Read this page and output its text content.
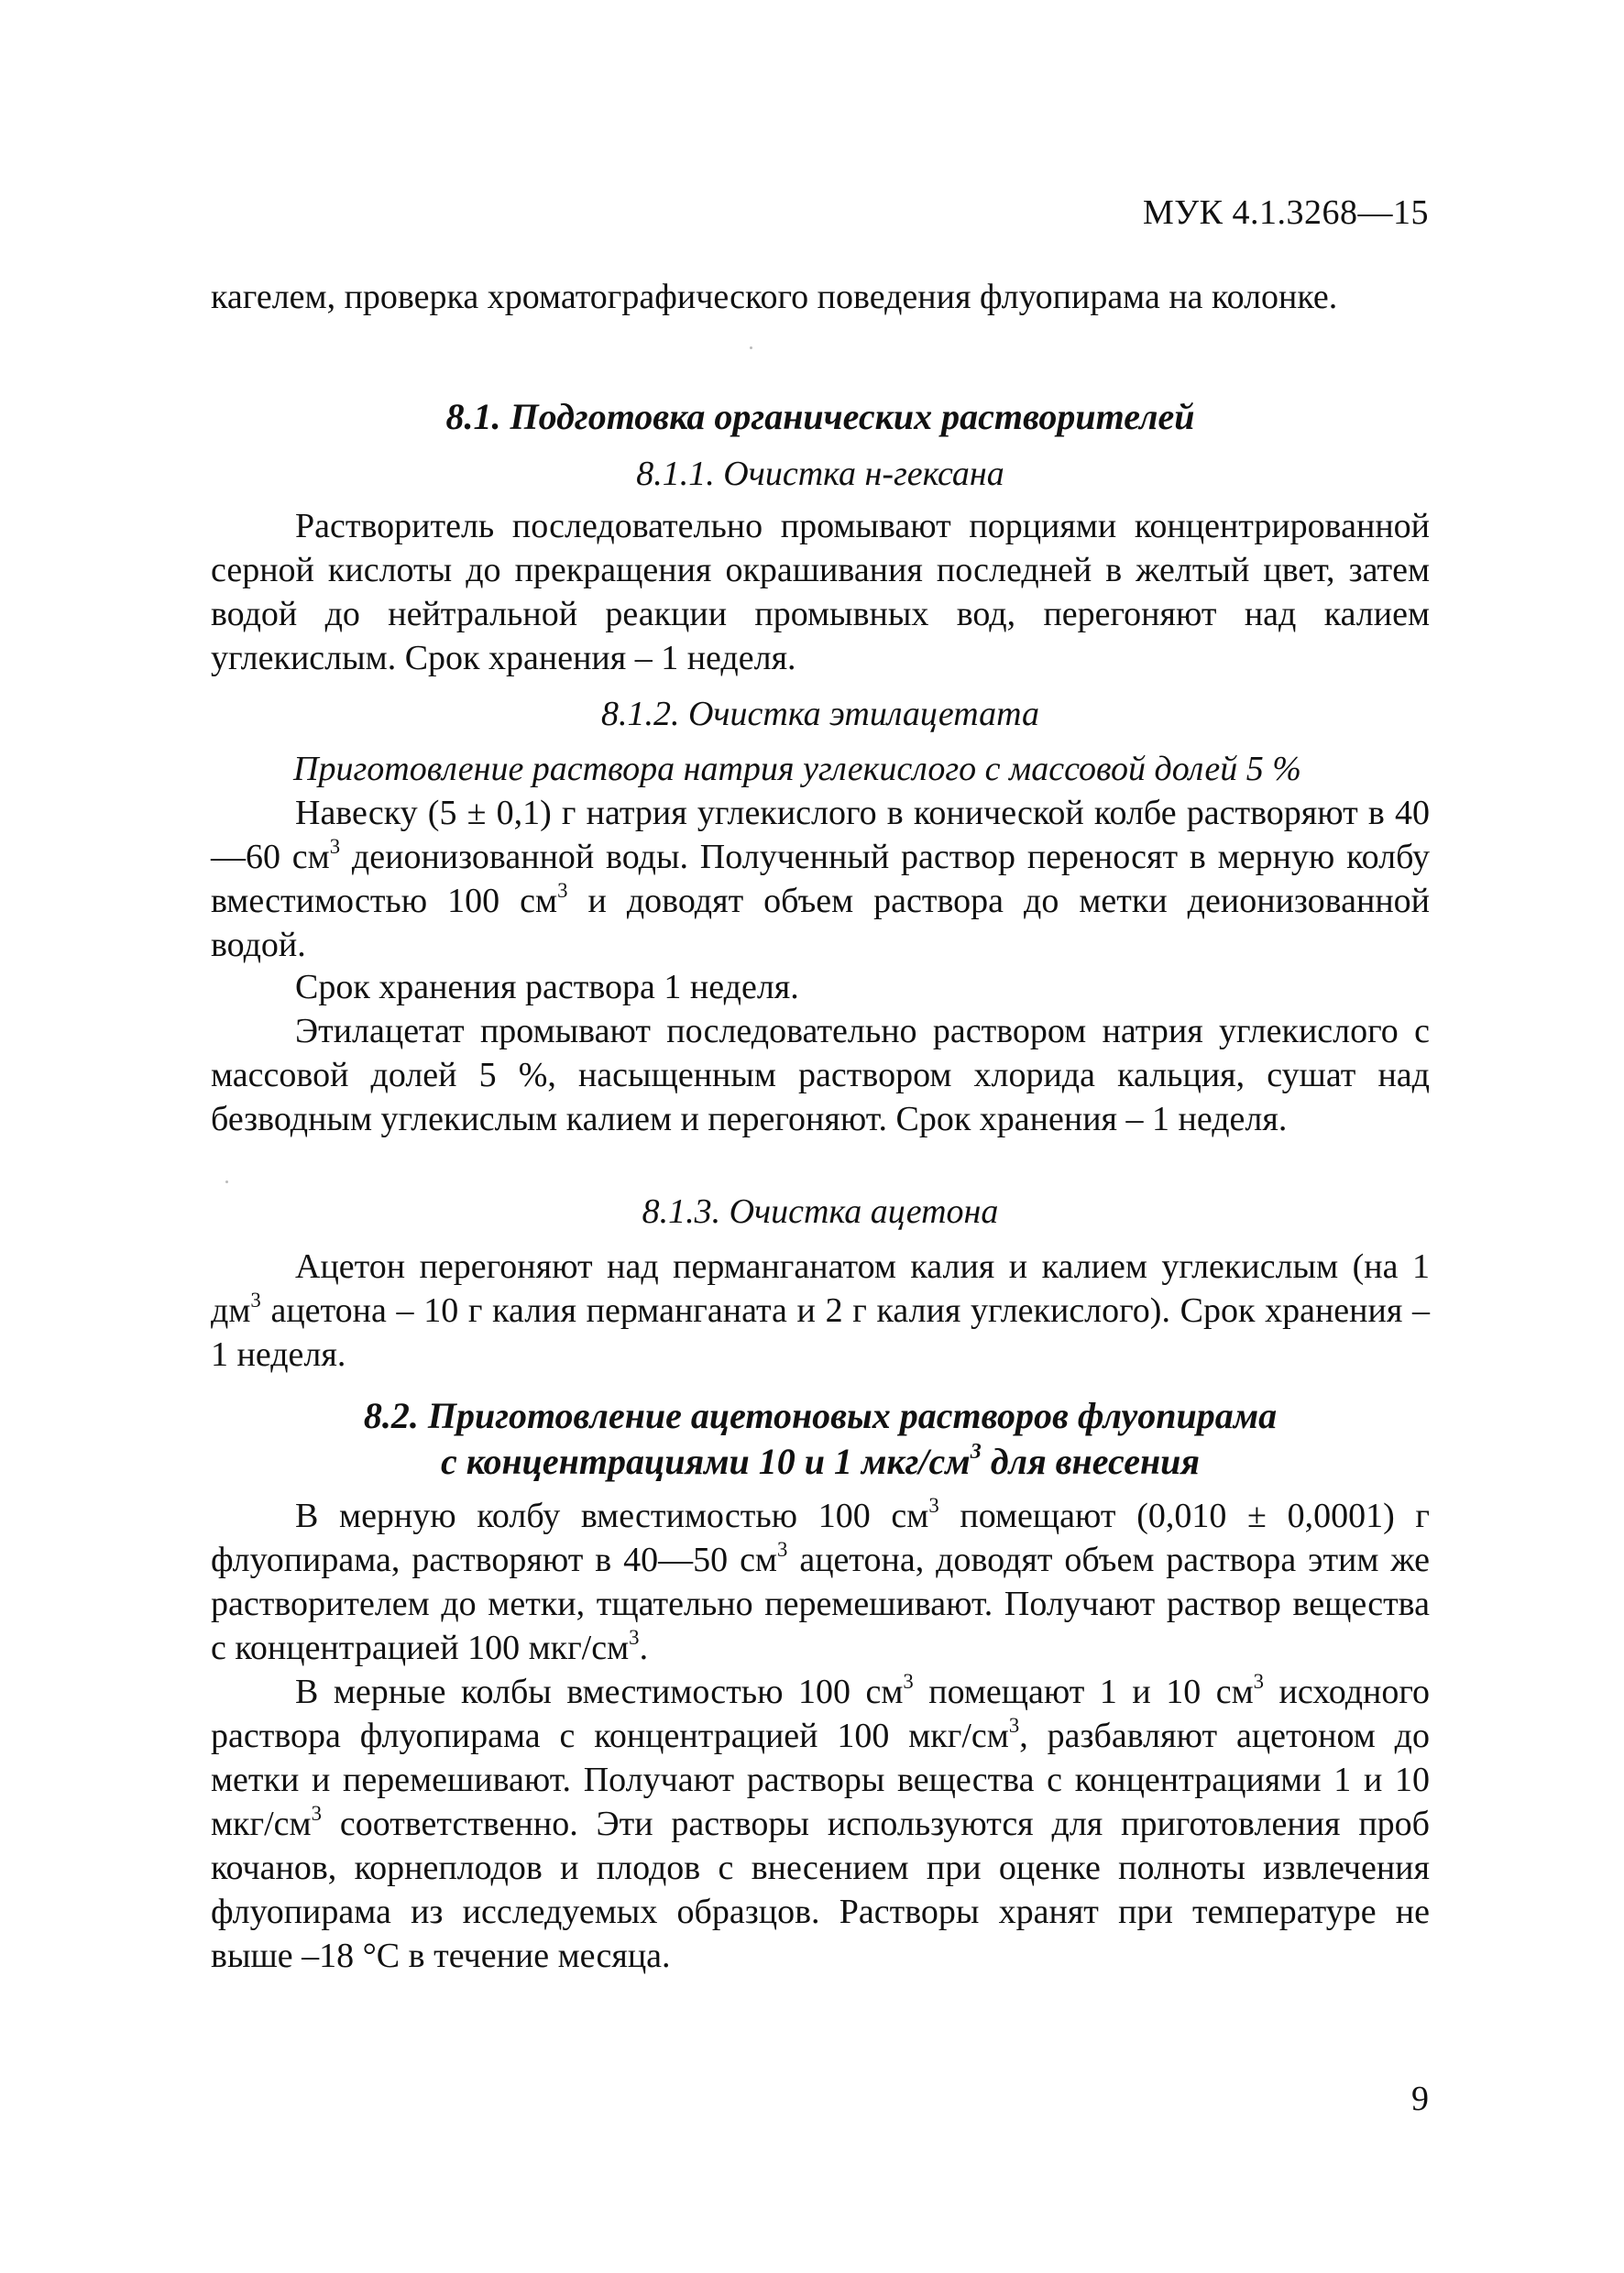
МУК 4.1.3268—15

кагелем, проверка хроматографического поведения флуопирама на колонке.

8.1. Подготовка органических растворителей

8.1.1. Очистка н-гексана

Растворитель последовательно промывают порциями концентрированной серной кислоты до прекращения окрашивания последней в желтый цвет, затем водой до нейтральной реакции промывных вод, перегоняют над калием углекислым. Срок хранения – 1 неделя.

8.1.2. Очистка этилацетата

Приготовление раствора натрия углекислого с массовой долей 5 %

Навеску (5 ± 0,1) г натрия углекислого в конической колбе растворяют в 40—60 $см^3$ деионизованной воды. Полученный раствор переносят в мерную колбу вместимостью 100 $см^3$ и доводят объем раствора до метки деионизованной водой.

Срок хранения раствора 1 неделя.

Этилацетат промывают последовательно раствором натрия углекислого с массовой долей 5 %, насыщенным раствором хлорида кальция, сушат над безводным углекислым калием и перегоняют. Срок хранения – 1 неделя.

8.1.3. Очистка ацетона

Ацетон перегоняют над перманганатом калия и калием углекислым (на 1 $дм^3$ ацетона – 10 г калия перманганата и 2 г калия углекислого). Срок хранения – 1 неделя.

8.2. Приготовление ацетоновых растворов флуопирама
с концентрациями 10 и 1 мкг/$см^3$ для внесения

В мерную колбу вместимостью 100 $см^3$ помещают (0,010 ± 0,0001) г флуопирама, растворяют в 40—50 $см^3$ ацетона, доводят объем раствора этим же растворителем до метки, тщательно перемешивают. Получают раствор вещества с концентрацией 100 мкг/$см^3$.

В мерные колбы вместимостью 100 $см^3$ помещают 1 и 10 $см^3$ исходного раствора флуопирама с концентрацией 100 мкг/$см^3$, разбавляют ацетоном до метки и перемешивают. Получают растворы вещества с концентрациями 1 и 10 мкг/$см^3$ соответственно. Эти растворы используются для приготовления проб кочанов, корнеплодов и плодов с внесением при оценке полноты извлечения флуопирама из исследуемых образцов. Растворы хранят при температуре не выше –18 °С в течение месяца.

9
